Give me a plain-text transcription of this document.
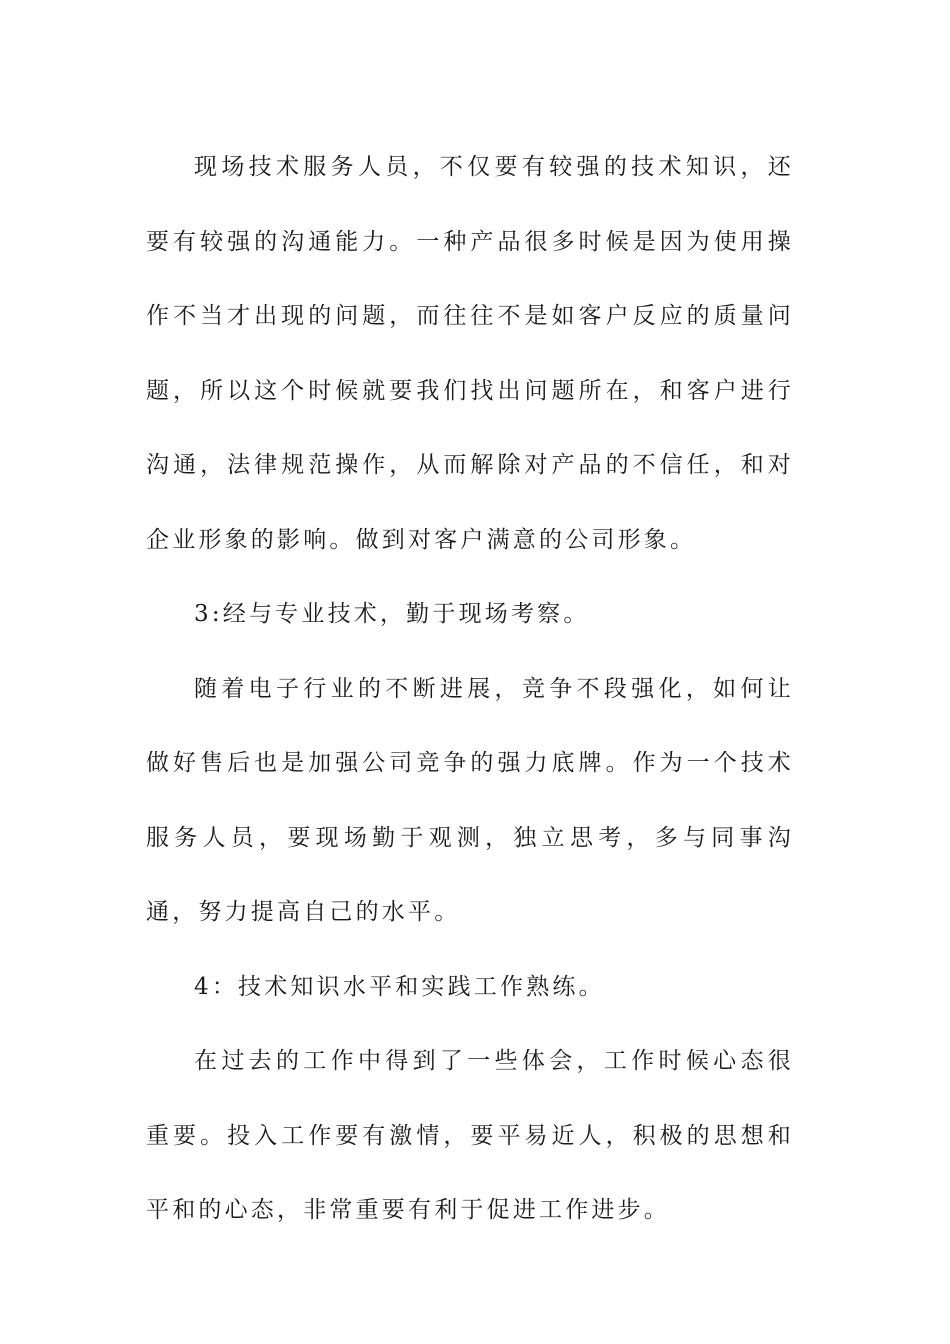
现场技术服务人员，不仅要有较强的技术知识，还要有较强的沟通能力。一种产品很多时候是因为使用操作不当才出现的问题，而往往不是如客户反应的质量问题，所以这个时候就要我们找出问题所在，和客户进行沟通，法律规范操作，从而解除对产品的不信任，和对企业形象的影响。做到对客户满意的公司形象。

3:经与专业技术，勤于现场考察。

随着电子行业的不断进展，竞争不段强化，如何让做好售后也是加强公司竞争的强力底牌。作为一个技术服务人员，要现场勤于观测，独立思考，多与同事沟通，努力提高自己的水平。

4：技术知识水平和实践工作熟练。

在过去的工作中得到了一些体会，工作时候心态很重要。投入工作要有激情，要平易近人，积极的思想和平和的心态，非常重要有利于促进工作进步。
